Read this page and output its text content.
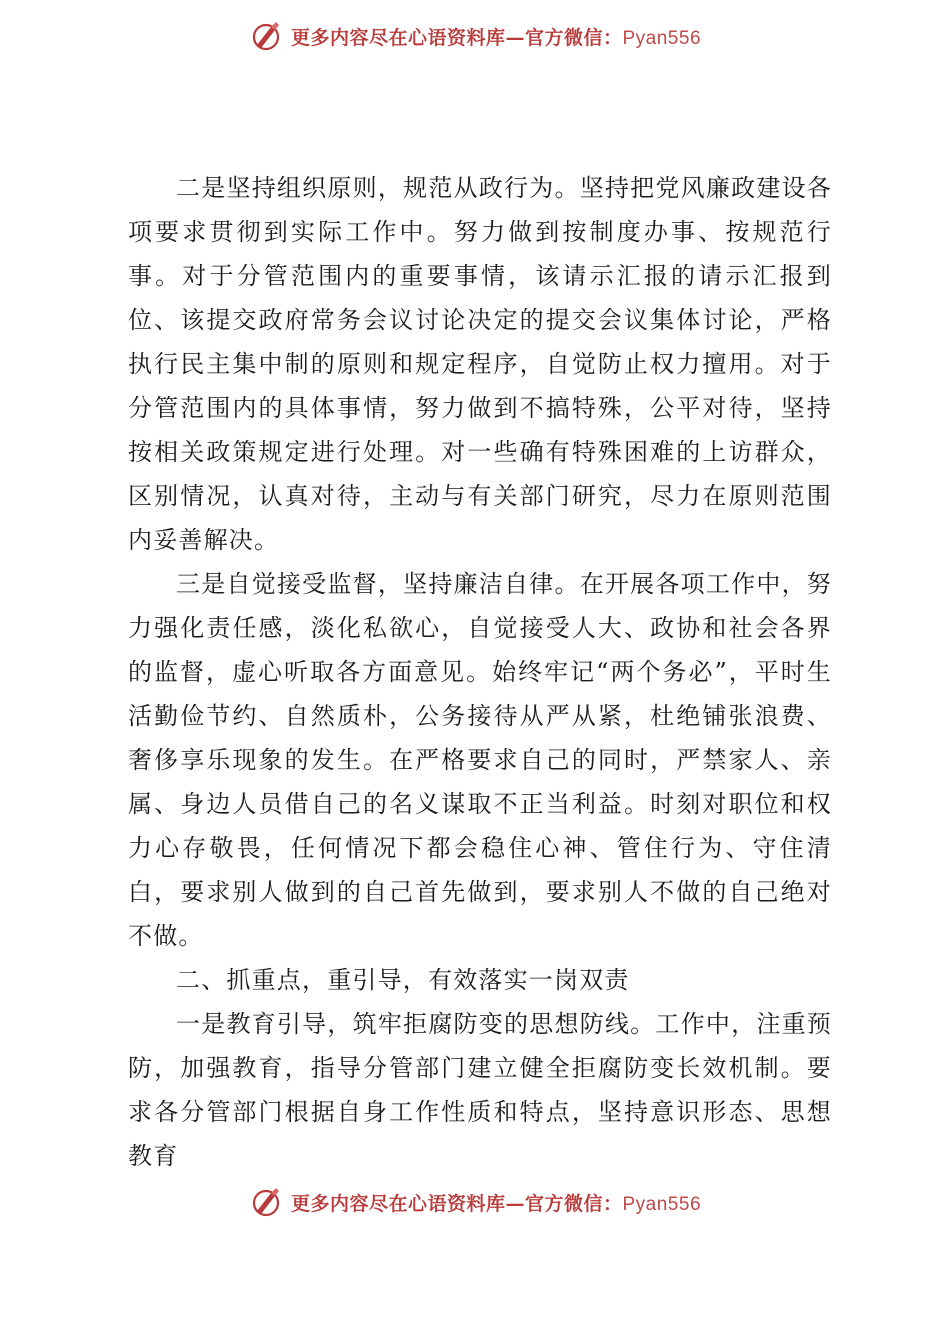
更多内容尽在心语资料库—官方微信：Pyan556

二是坚持组织原则，规范从政行为。坚持把党风廉政建设各项要求贯彻到实际工作中。努力做到按制度办事、按规范行事。对于分管范围内的重要事情，该请示汇报的请示汇报到位、该提交政府常务会议讨论决定的提交会议集体讨论，严格执行民主集中制的原则和规定程序，自觉防止权力擅用。对于分管范围内的具体事情，努力做到不搞特殊，公平对待，坚持按相关政策规定进行处理。对一些确有特殊困难的上访群众，区别情况，认真对待，主动与有关部门研究，尽力在原则范围内妥善解决。

三是自觉接受监督，坚持廉洁自律。在开展各项工作中，努力强化责任感，淡化私欲心，自觉接受人大、政协和社会各界的监督，虚心听取各方面意见。始终牢记“两个务必”，平时生活勤俭节约、自然质朴，公务接待从严从紧，杜绝铺张浪费、奢侈享乐现象的发生。在严格要求自己的同时，严禁家人、亲属、身边人员借自己的名义谋取不正当利益。时刻对职位和权力心存敬畏，任何情况下都会稳住心神、管住行为、守住清白，要求别人做到的自己首先做到，要求别人不做的自己绝对不做。

二、抓重点，重引导，有效落实一岗双责

一是教育引导，筑牢拒腐防变的思想防线。工作中，注重预防，加强教育，指导分管部门建立健全拒腐防变长效机制。要求各分管部门根据自身工作性质和特点，坚持意识形态、思想教育

更多内容尽在心语资料库—官方微信：Pyan556
